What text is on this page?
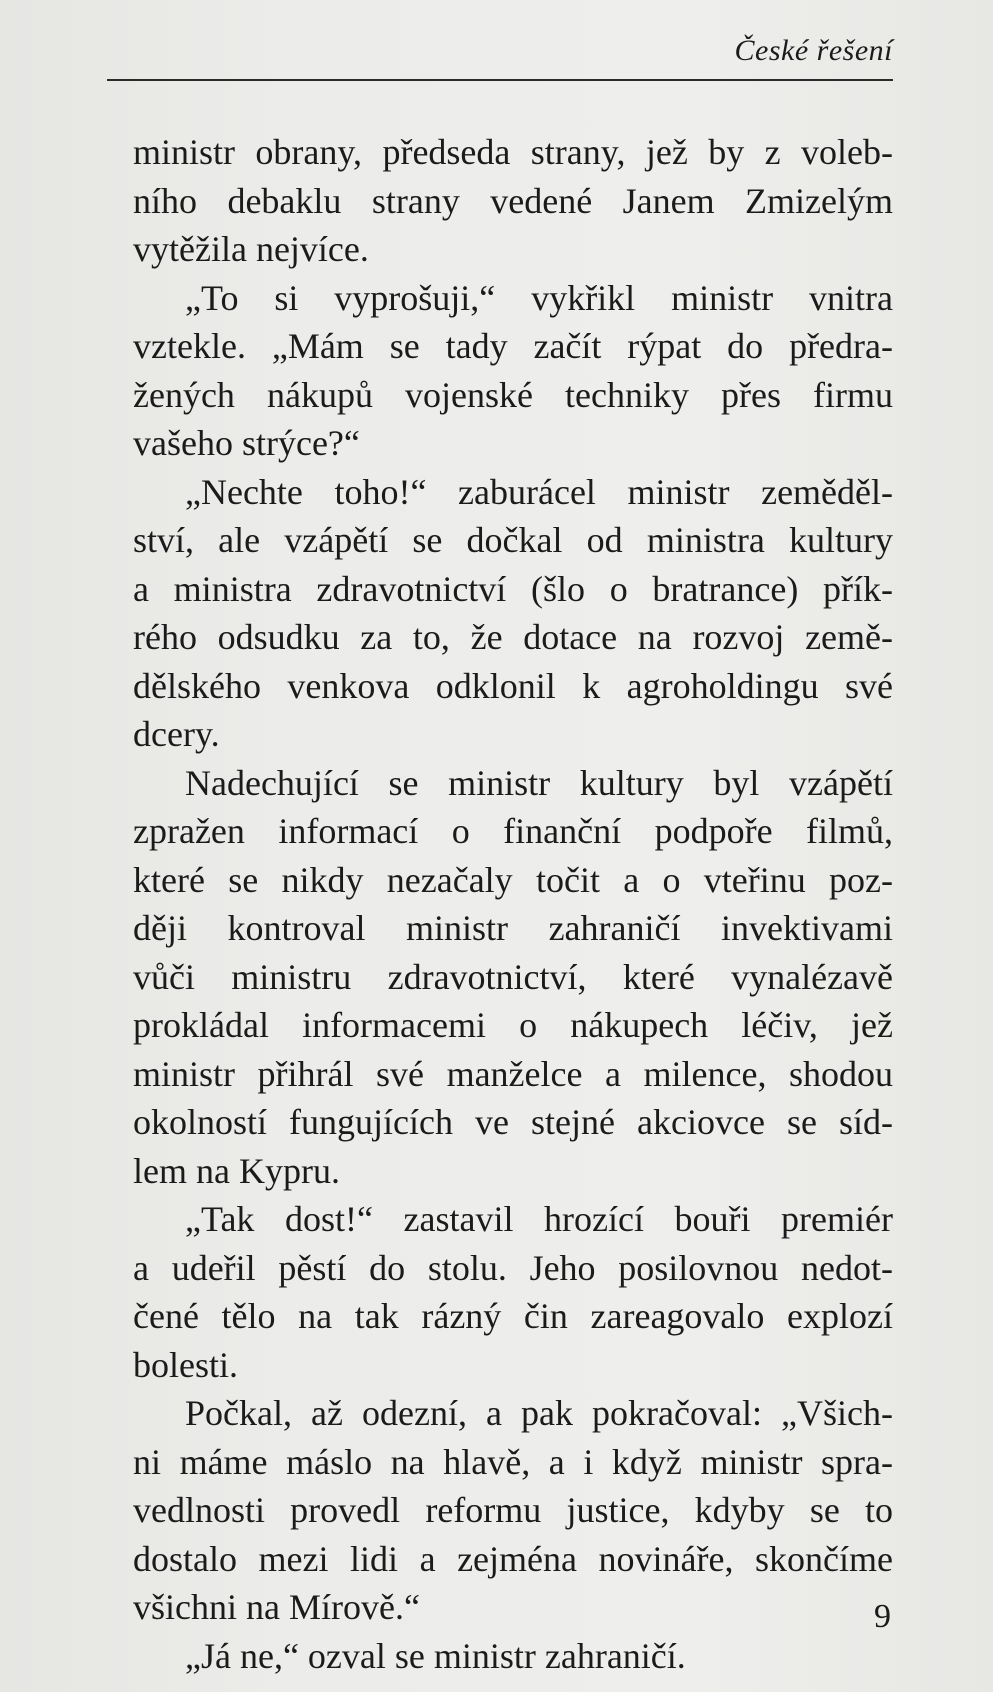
České řešení

ministr obrany, předseda strany, jež by z voleb-
ního debaklu strany vedené Janem Zmizelým
vytěžila nejvíce.

„To si vyprošuji,“ vykřikl ministr vnitra
vztekle. „Mám se tady začít rýpat do předra-
žených nákupů vojenské techniky přes firmu
vašeho strýce?“

„Nechte toho!“ zaburácel ministr zeměděl-
ství, ale vzápětí se dočkal od ministra kultury
a ministra zdravotnictví (šlo o bratrance) přík-
rého odsudku za to, že dotace na rozvoj země-
dělského venkova odklonil k agroholdingu své
dcery.

Nadechující se ministr kultury byl vzápětí
zpražen informací o finanční podpoře filmů,
které se nikdy nezačaly točit a o vteřinu poz-
ději kontroval ministr zahraničí invektivami
vůči ministru zdravotnictví, které vynalézavě
prokládal informacemi o nákupech léčiv, jež
ministr přihrál své manželce a milence, shodou
okolností fungujících ve stejné akciovce se síd-
lem na Kypru.

„Tak dost!“ zastavil hrozící bouři premiér
a udeřil pěstí do stolu. Jeho posilovnou nedot-
čené tělo na tak rázný čin zareagovalo explozí
bolesti.

Počkal, až odezní, a pak pokračoval: „Všich-
ni máme máslo na hlavě, a i když ministr spra-
vedlnosti provedl reformu justice, kdyby se to
dostalo mezi lidi a zejména novináře, skončíme
všichni na Mírově.“

„Já ne,“ ozval se ministr zahraničí.

9
